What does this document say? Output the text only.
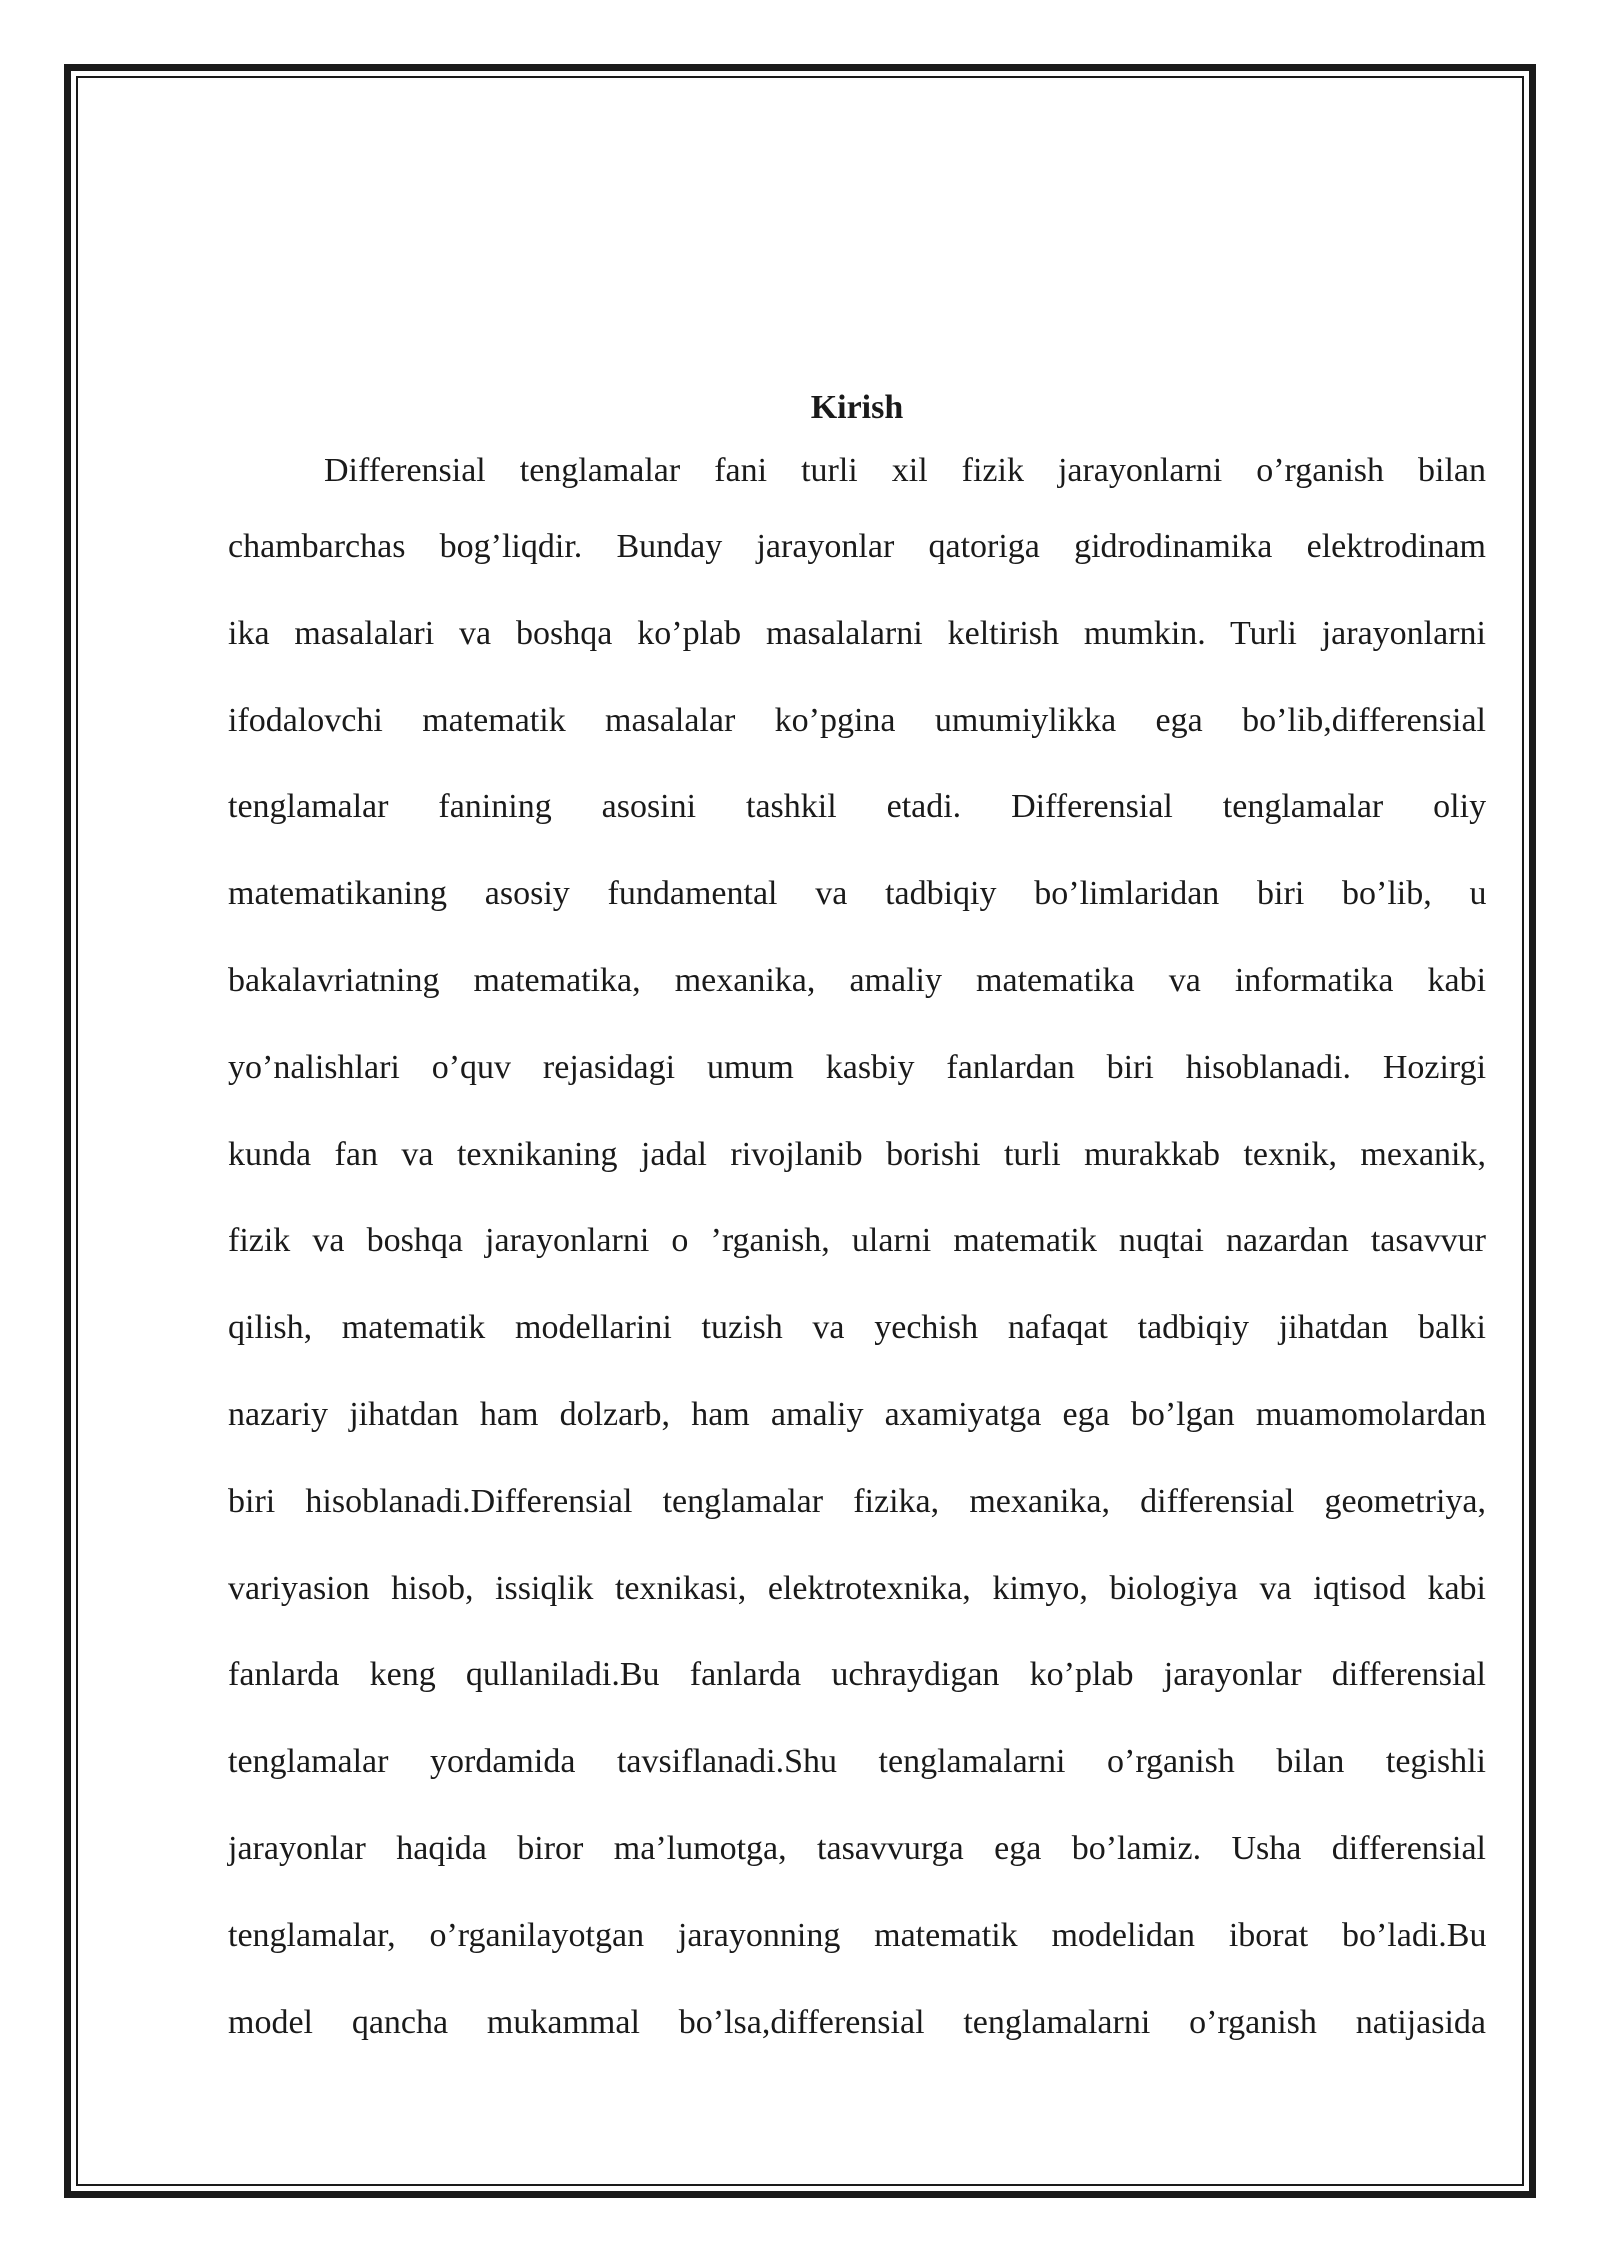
Kirish
Differensial tenglamalar fani turli xil fizik jarayonlarni o’rganish bilan
chambarchas bog’liqdir. Bunday jarayonlar qatoriga gidrodinamika elektrodinam
ika masalalari va boshqa ko’plab masalalarni keltirish mumkin. Turli jarayonlarni
ifodalovchi matematik masalalar ko’pgina umumiylikka ega bo’lib,differensial
tenglamalar fanining asosini tashkil etadi. Differensial tenglamalar oliy
matematikaning asosiy fundamental va tadbiqiy bo’limlaridan biri bo’lib, u
bakalavriatning matematika, mexanika, amaliy matematika va informatika kabi
yo’nalishlari o’quv rejasidagi umum kasbiy fanlardan biri hisoblanadi. Hozirgi
kunda fan va texnikaning jadal rivojlanib borishi turli murakkab texnik, mexanik,
fizik va boshqa jarayonlarni o ’rganish, ularni matematik nuqtai nazardan tasavvur
qilish, matematik modellarini tuzish va yechish nafaqat tadbiqiy jihatdan balki
nazariy jihatdan ham dolzarb, ham amaliy axamiyatga ega bo’lgan muamomolardan
biri hisoblanadi.Differensial tenglamalar fizika, mexanika, differensial geometriya,
variyasion hisob, issiqlik texnikasi, elektrotexnika, kimyo, biologiya va iqtisod kabi
fanlarda keng qullaniladi.Bu fanlarda uchraydigan ko’plab jarayonlar differensial
tenglamalar yordamida tavsiflanadi.Shu tenglamalarni o’rganish bilan tegishli
jarayonlar haqida biror ma’lumotga, tasavvurga ega bo’lamiz. Usha differensial
tenglamalar, o’rganilayotgan jarayonning matematik modelidan iborat bo’ladi.Bu
model qancha mukammal bo’lsa,differensial tenglamalarni o’rganish natijasida
